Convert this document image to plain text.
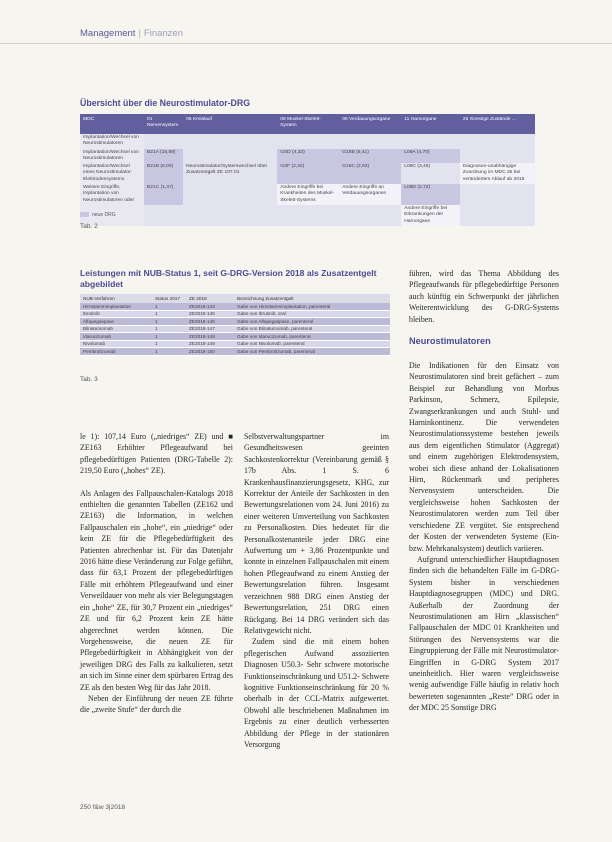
Management | Finanzen
Übersicht über die Neurostimulator-DRG
MDC	01 Nervensystem	05 Kreislauf	08 Muskel-Skelett-System	06 Verdauungsorgane	11 Harnorgane	25 Sonstige Zustände ...
Implantation/Wechsel von Neurostimulatoren						
Implantation/Wechsel von Neurostimulatoren	B21A (15,89)		I10D (4,33)	G18B (5,41)	L09A (4,70)	
Implantation/Wechsel eines Neurostimulator-Elektrodensystems	B21B (8,00)	Neurostimulator/Systemwechsel über Zusatzentgelt ZE 107.01	I10F (2,32)	G18C (2,93)	L09C (3,46)	Diagnosen-unabhängige Zuordnung im MDC 25 bei verändertem Ablauf ab 2018
Weitere Eingriffe, Implantation von Neurostimulatoren oder	B21C (1,47)		Andere Eingriffe bei Krankheiten des Muskel-Skelett-Systems	Andere Eingriffe an Verdauungsorganen	L09D (2,72)	
					Andere Eingriffe bei Erkrankungen der Harnorgane	
neue DRG
Tab. 2
Leistungen mit NUB-Status 1, seit G-DRG-Version 2018 als Zusatzentgelt abgebildet
NUB-Verfahren	Status 2017	ZE 2018	Bezeichnung Zusatzentgelt
Hirnstammimplantation	1	ZE2018-144	Gabe von Hirnstammimplantation, parenteral
Ibrutinib	1	ZE2018-145	Gabe von Ibrutinib, oral
Alfapegaspase	1	ZE2018-146	Gabe von Alfapegaspase, parenteral
Blinatumomab	1	ZE2018-147	Gabe von Blinatumomab, parenteral
Idarucizumab	1	ZE2018-148	Gabe von Idarucizumab, parenteral
Nivolumab	1	ZE2018-149	Gabe von Nivolumab, parenteral
Pembrolizumab	1	ZE2018-150	Gabe von Pembrolizumab, parenteral
Tab. 3

le 1): 107,14 Euro („niedriges“ ZE) und ■ ZE163 Erhöhter Pflegeaufwand bei pflegebedürftigen Patienten (DRG-Tabelle 2): 219,50 Euro („hohes“ ZE).

Als Anlagen des Fallpauschalen-Katalogs 2018 enthielten die genannten Tabellen (ZE162 und ZE163) die Information, in welchen Fallpauschalen ein „hohe“, ein „niedrige“ oder kein ZE für die Pflegebedürftigkeit des Patienten abrechenbar ist. Für das Datenjahr 2016 hätte diese Veränderung zur Folge geführt, dass für 63,1 Prozent der pflegebedürftigen Fälle mit erhöhtem Pflegeaufwand und einer Verweildauer von mehr als vier Belegungstagen ein „hohe“ ZE, für 30,7 Prozent ein „niedriges“ ZE und für 6,2 Prozent kein ZE hätte abgerechnet werden können. Die Vorgehensweise, die neuen ZE für Pflegebedürftigkeit in Abhängigkeit von der jeweiligen DRG des Falls zu kalkulieren, setzt an sich im Sinne einer dem spürbaren Ertrag des ZE als den besten Weg für das Jahr 2018.

Neben der Einführung der neuen ZE führte die „zweite Stufe“ der durch die

Selbstverwaltungspartner im Gesundheitswesen geeinten Sachkostenkorrektur (Vereinbarung gemäß § 17b Abs. 1 S. 6 Krankenhausfinanzierungsgesetz, KHG, zur Korrektur der Anteile der Sachkosten in den Bewertungsrelationen vom 24. Juni 2016) zu einer weiteren Umverteilung von Sachkosten zu Personalkosten. Dies bedeutet für die Personalkostenanteile jeder DRG eine Aufwertung um + 3,86 Prozentpunkte und konnte in einzelnen Fallpauschalen mit einem hohen Pflegeaufwand zu einem Anstieg der Bewertungsrelation führen. Insgesamt verzeichnen 988 DRG einen Anstieg der Bewertungsrelation, 251 DRG einen Rückgang. Bei 14 DRG verändert sich das Relativgewicht nicht.

Zudem sind die mit einem hohen pflegerischen Aufwand assoziierten Diagnosen U50.3- Sehr schwere motorische Funktionseinschränkung und U51.2- Schwere kognitive Funktionseinschränkung für 20 % oberhalb in der CCL-Matrix aufgewertet. Obwohl alle beschriebenen Maßnahmen im Ergebnis zu einer deutlich verbesserten Abbildung der Pflege in der stationären Versorgung

führen, wird das Thema Abbildung des Pflegeaufwands für pflegebedürftige Personen auch künftig ein Schwerpunkt der jährlichen Weiterentwicklung des G-DRG-Systems bleiben.

Neurostimulatoren

Die Indikationen für den Einsatz von Neurostimulatoren sind breit gefächert – zum Beispiel zur Behandlung von Morbus Parkinson, Schmerz, Epilepsie, Zwangserkrankungen und auch Stuhl- und Harninkontinenz. Die verwendeten Neurostimulationssysteme bestehen jeweils aus dem eigentlichen Stimulator (Aggregat) und einem zugehörigen Elektrodensystem, wobei sich diese anhand der Lokalisationen Hirn, Rückenmark und peripheres Nervensystem unterscheiden. Die vergleichsweise hohen Sachkosten der Neurostimulatoren werden zum Teil über verschiedene ZE vergütet. Sie entsprechend der Kosten der verwendeten Systeme (Ein- bzw. Mehrkanalsystem) deutlich variieren.

Aufgrund unterschiedlicher Hauptdiagnosen finden sich die behandelten Fälle im G-DRG-System bisher in verschiedenen Hauptdiagnosegruppen (MDC) und DRG. Außerhalb der Zuordnung der Neurostimulationen am Hirn „klassischen“ Fallpauschalen der MDC 01 Krankheiten und Störungen des Nervensystems war die Eingruppierung der Fälle mit Neurostimulator-Eingriffen in G-DRG System 2017 uneinheitlich. Hier waren vergleichsweise wenig aufwendige Fälle häufig in relativ hoch bewerteten sogenannten „Resteˮ DRG oder in der MDC 25 Sonstige DRG

250 f&w 3|2018
